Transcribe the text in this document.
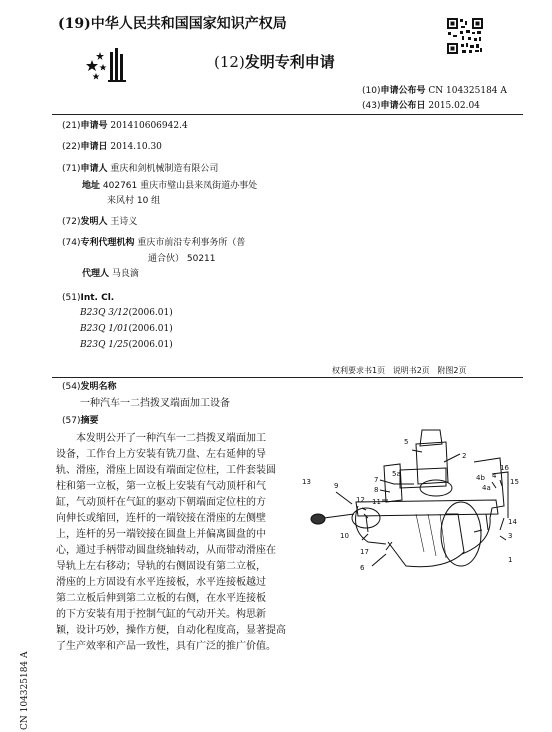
(19)中华人民共和国国家知识产权局
(12)发明专利申请
(10)申请公布号 CN 104325184 A
(43)申请公布日 2015.02.04
(21)申请号 201410606942.4
(22)申请日 2014.10.30
(71)申请人 重庆和剑机械制造有限公司
地址 402761 重庆市璧山县来凤街道办事处
来风村 10 组
(72)发明人 王诗义
(74)专利代理机构 重庆市前沿专利事务所（普
通合伙） 50211
代理人 马良滴
(51)Int. Cl.
B23Q 3/12(2006.01)
B23Q 1/01(2006.01)
B23Q 1/25(2006.01)
权利要求书1页   说明书2页   附图2页
(54)发明名称
一种汽车一二挡拨叉端面加工设备
(57)摘要
本发明公开了一种汽车一二挡拨叉端面加工
设备，工作台上方安装有铣刀盘、左右延伸的导
轨、滑座，滑座上固设有端面定位柱，工件套装圆
柱和第一立板，第一立板上安装有气动顶杆和气
缸，气动顶杆在气缸的驱动下朝端面定位柱的方
向伸长或缩回，连杆的一端铰接在滑座的左侧壁
上，连杆的另一端铰接在圆盘上并偏离圆盘的中
心，通过手柄带动圆盘绕轴转动，从而带动滑座在
导轨上左右移动；导轨的右侧固设有第二立板，
滑座的上方固设有水平连接板，水平连接板越过
第二立板后伸到第二立板的右侧，在水平连接板
的下方安装有用于控制气缸的气动开关。构思新
颖，设计巧妙，操作方便，自动化程度高，显著提高
了生产效率和产品一致性，具有广泛的推广价值。
CN 104325184 A
5
2
7
8
5a	4b 4
16
15
4a
13	9
11
12
10
14
3
17
6
1
